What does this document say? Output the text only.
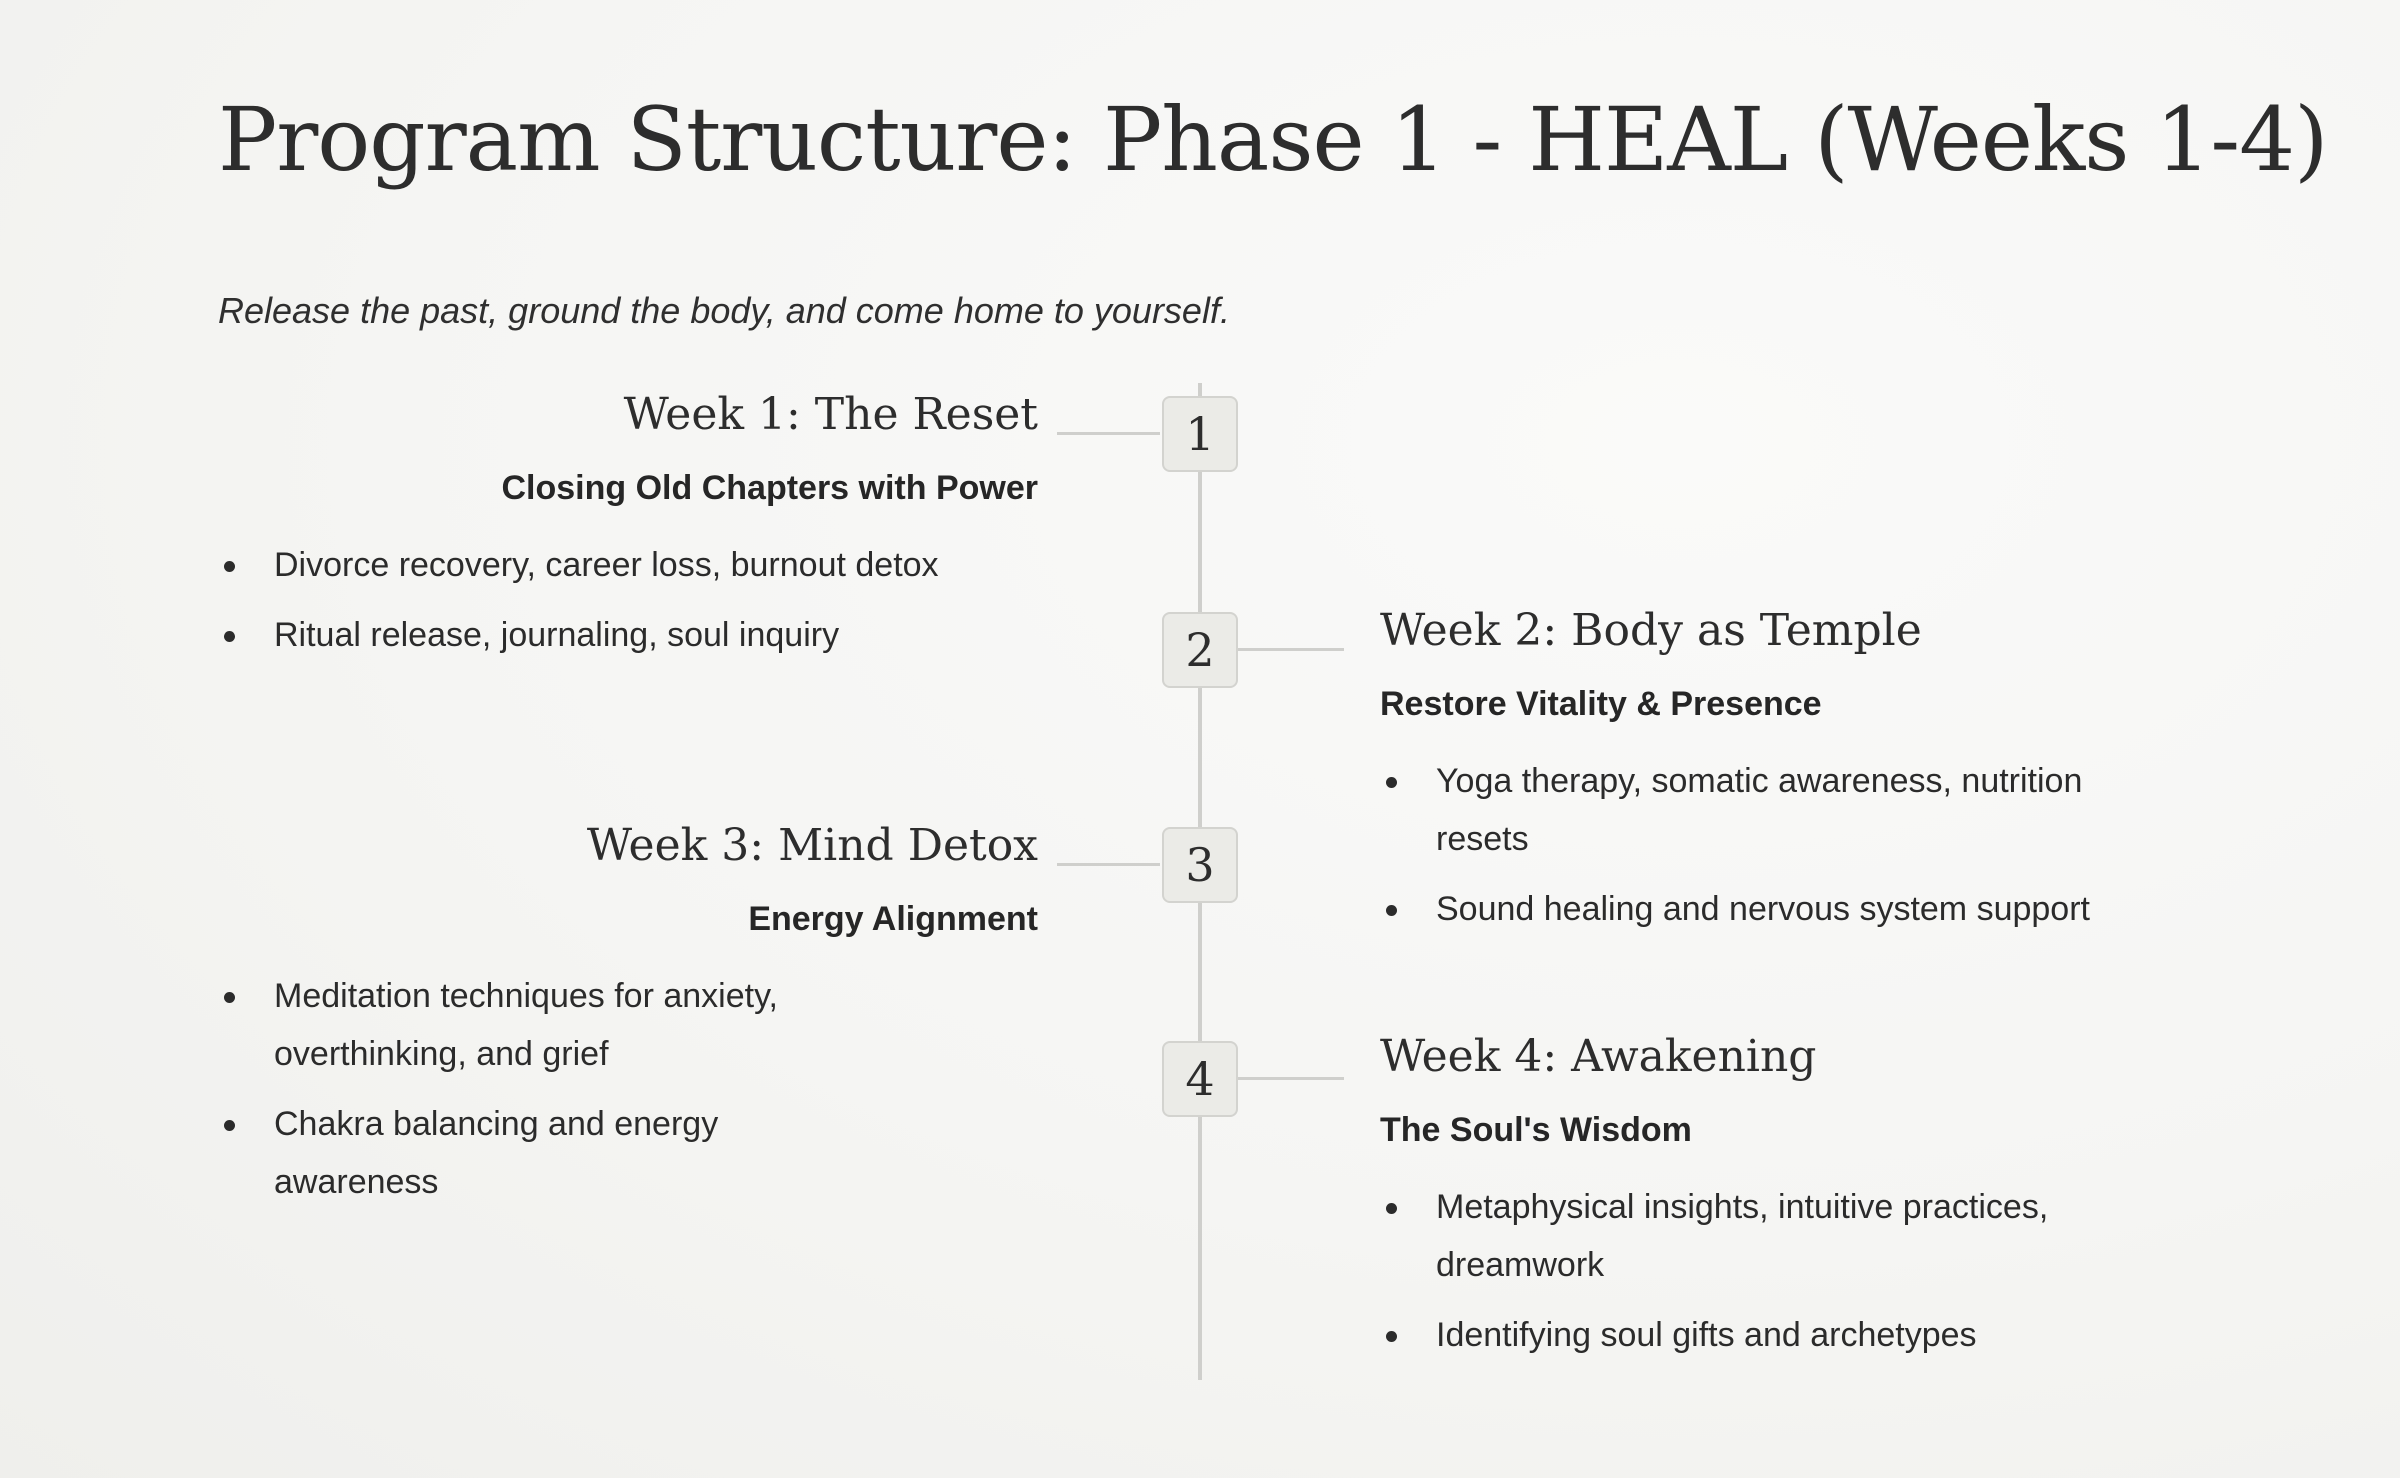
Program Structure: Phase 1 - HEAL (Weeks 1-4)

Release the past, ground the body, and come home to yourself.

1
Week 1: The Reset
Closing Old Chapters with Power
Divorce recovery, career loss, burnout detox
Ritual release, journaling, soul inquiry	2	Week 2: Body as Temple
Restore Vitality & Presence
Yoga therapy, somatic awareness, nutrition resets
Sound healing and nervous system support
3
Week 3: Mind Detox
Energy Alignment
Meditation techniques for anxiety, overthinking, and grief
Chakra balancing and energy awareness
4	Week 4: Awakening
The Soul's Wisdom
Metaphysical insights, intuitive practices, dreamwork
Identifying soul gifts and archetypes
